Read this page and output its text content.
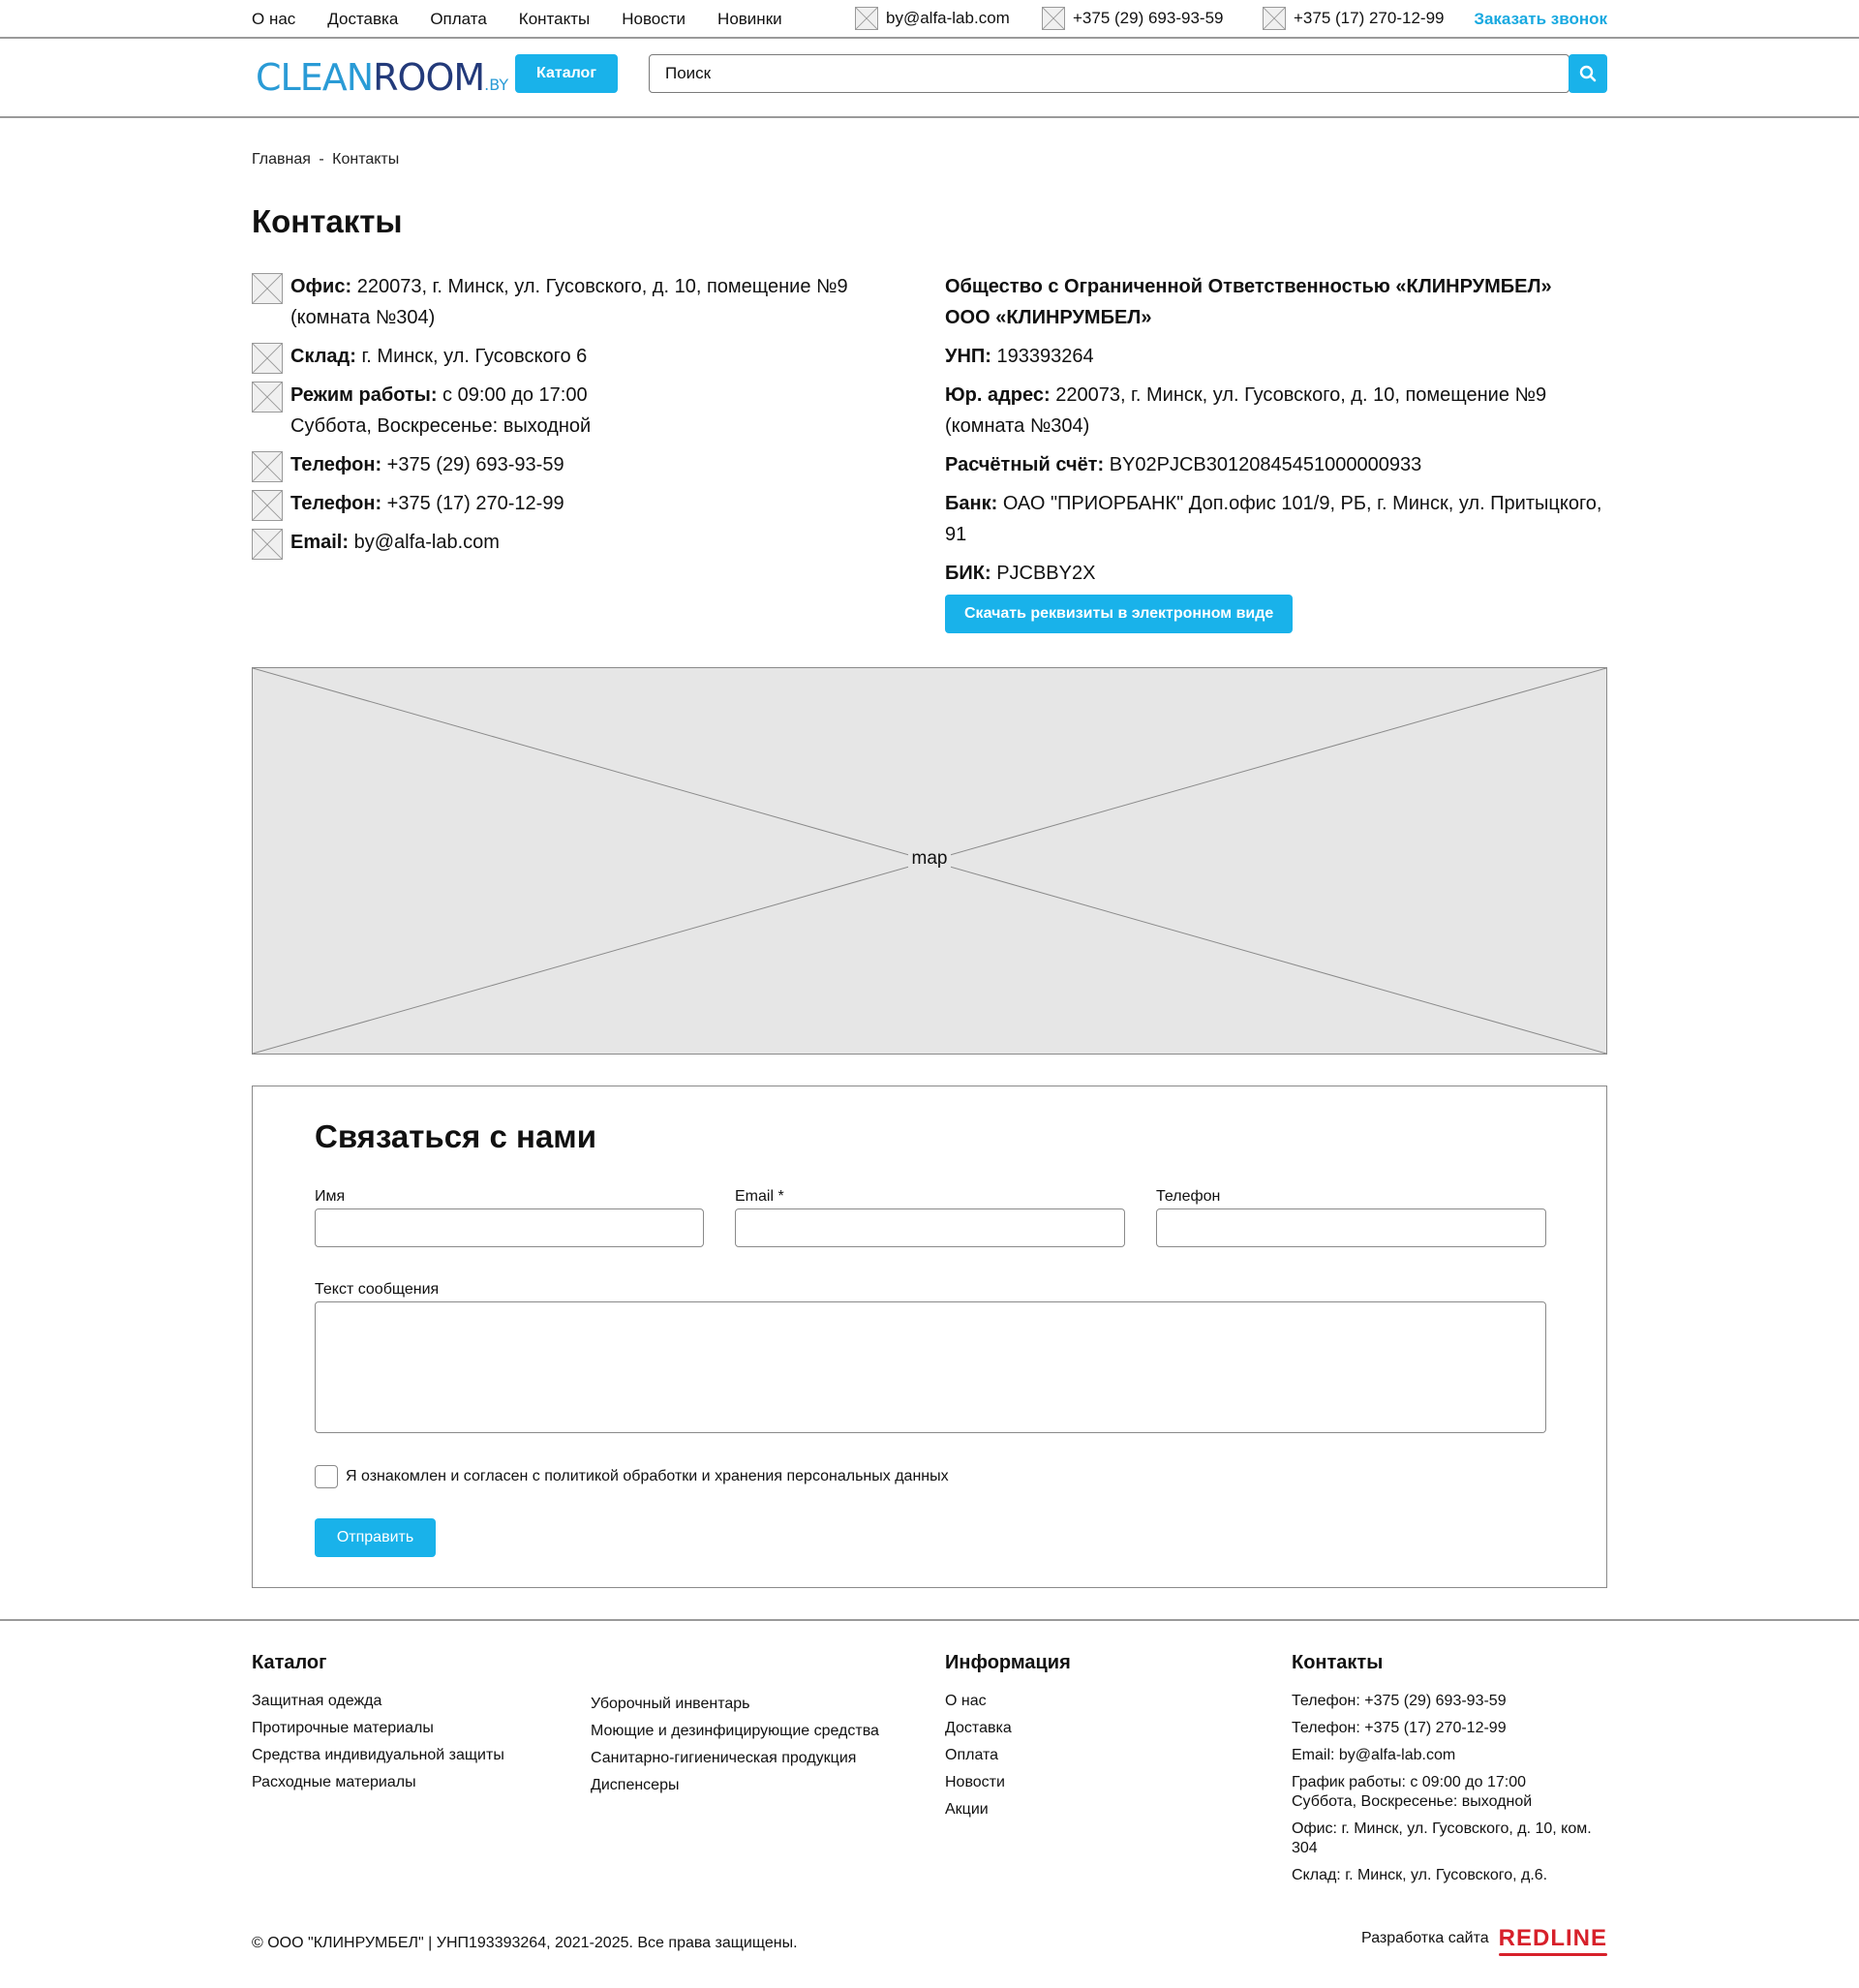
О нас Доставка Оплата Контакты Новости Новинки	by@alfa-lab.com	+375 (29) 693-93-59	+375 (17) 270-12-99 Заказать звонок
CLEANROOM.BY
Каталог
Поиск
Главная - Контакты
Контакты
Офис: 220073, г. Минск, ул. Гусовского, д. 10, помещение №9 (комната №304)
Склад: г. Минск, ул. Гусовского 6
Режим работы: с 09:00 до 17:00
Суббота, Воскресенье: выходной
Телефон: +375 (29) 693-93-59
Телефон: +375 (17) 270-12-99
Email: by@alfa-lab.com
Общество с Ограниченной Ответственностью «КЛИНРУМБЕЛ»
ООО «КЛИНРУМБЕЛ»
УНП: 193393264
Юр. адрес: 220073, г. Минск, ул. Гусовского, д. 10, помещение №9 (комната №304)
Расчётный счёт: BY02PJCB30120845451000000933
Банк: ОАО "ПРИОРБАНК" Доп.офис 101/9, РБ, г. Минск, ул. Притыцкого, 91
БИК: PJCBBY2X
Скачать реквизиты в электронном виде
map
Связаться с нами
Имя	Email *	Телефон
Текст сообщения
Я ознакомлен и согласен с политикой обработки и хранения персональных данных
Отправить
Каталог
Защитная одежда
Протирочные материалы
Средства индивидуальной защиты
Расходные материалы
Уборочный инвентарь
Моющие и дезинфицирующие средства
Санитарно-гигиеническая продукция
Диспенсеры
Информация
О нас
Доставка
Оплата
Новости
Акции
Контакты
Телефон: +375 (29) 693-93-59
Телефон: +375 (17) 270-12-99
Email: by@alfa-lab.com
График работы: с 09:00 до 17:00 Суббота, Воскресенье: выходной
Офис: г. Минск, ул. Гусовского, д. 10, ком. 304
Склад: г. Минск, ул. Гусовского, д.6.
© ООО "КЛИНРУМБЕЛ" | УНП193393264, 2021-2025. Все права защищены.	Разработка сайта REDLINE
